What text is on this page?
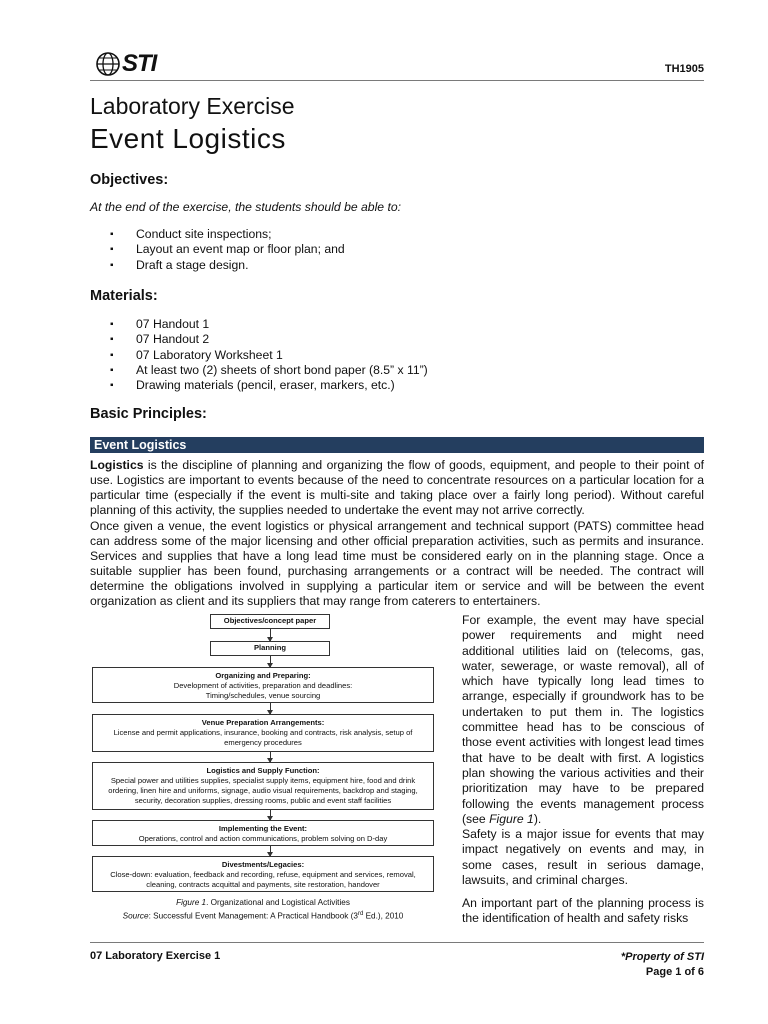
STI	TH1905
Laboratory Exercise
Event Logistics
Objectives:
At the end of the exercise, the students should be able to:
▪ Conduct site inspections;
▪ Layout an event map or floor plan; and
▪ Draft a stage design.
Materials:
▪ 07 Handout 1
▪ 07 Handout 2
▪ 07 Laboratory Worksheet 1
▪ At least two (2) sheets of short bond paper (8.5” x 11”)
▪ Drawing materials (pencil, eraser, markers, etc.)
Basic Principles:
Event Logistics

Logistics is the discipline of planning and organizing the flow of goods, equipment, and people to their point of use. Logistics are important to events because of the need to concentrate resources on a particular location for a particular time (especially if the event is multi-site and taking place over a fairly long period). Without careful planning of this activity, the supplies needed to undertake the event may not arrive correctly.

Once given a venue, the event logistics or physical arrangement and technical support (PATS) committee head can address some of the major licensing and other official preparation activities, such as permits and insurance. Services and supplies that have a long lead time must be considered early on in the planning stage. Once a suitable supplier has been found, purchasing arrangements or a contract will be needed. The contract will determine the obligations involved in supplying a particular item or service and will be between the event organization as client and its suppliers that may range from caterers to entertainers.

For example, the event may have special power requirements and might need additional utilities laid on (telecoms, gas, water, sewerage, or waste removal), all of which have typically long lead times to arrange, especially if groundwork has to be undertaken to put them in. The logistics committee head has to be conscious of those event activities with longest lead times that have to be dealt with first. A logistics plan showing the various activities and their prioritization may have to be prepared following the events management process (see Figure 1).

Safety is a major issue for events that may impact negatively on events and may, in some cases, result in serious damage, lawsuits, and criminal charges.

An important part of the planning process is the identification of health and safety risks

Objectives/concept paper
Planning
Organizing and Preparing:
Development of activities, preparation and deadlines:
Timing/schedules, venue sourcing
Venue Preparation Arrangements:
License and permit applications, insurance, booking and contracts, risk analysis, setup of emergency procedures
Logistics and Supply Function:
Special power and utilities supplies, specialist supply items, equipment hire, food and drink ordering, linen hire and uniforms, signage, audio visual requirements, backdrop and staging, security, decoration supplies, dressing rooms, public and event staff facilities
Implementing the Event:
Operations, control and action communications, problem solving on D-day
Divestments/Legacies:
Close-down: evaluation, feedback and recording, refuse, equipment and services, removal, cleaning, contracts acquittal and payments, site restoration, handover
Figure 1. Organizational and Logistical Activities
Source: Successful Event Management: A Practical Handbook (3rd Ed.), 2010
07 Laboratory Exercise 1	*Property of STI
Page 1 of 6
